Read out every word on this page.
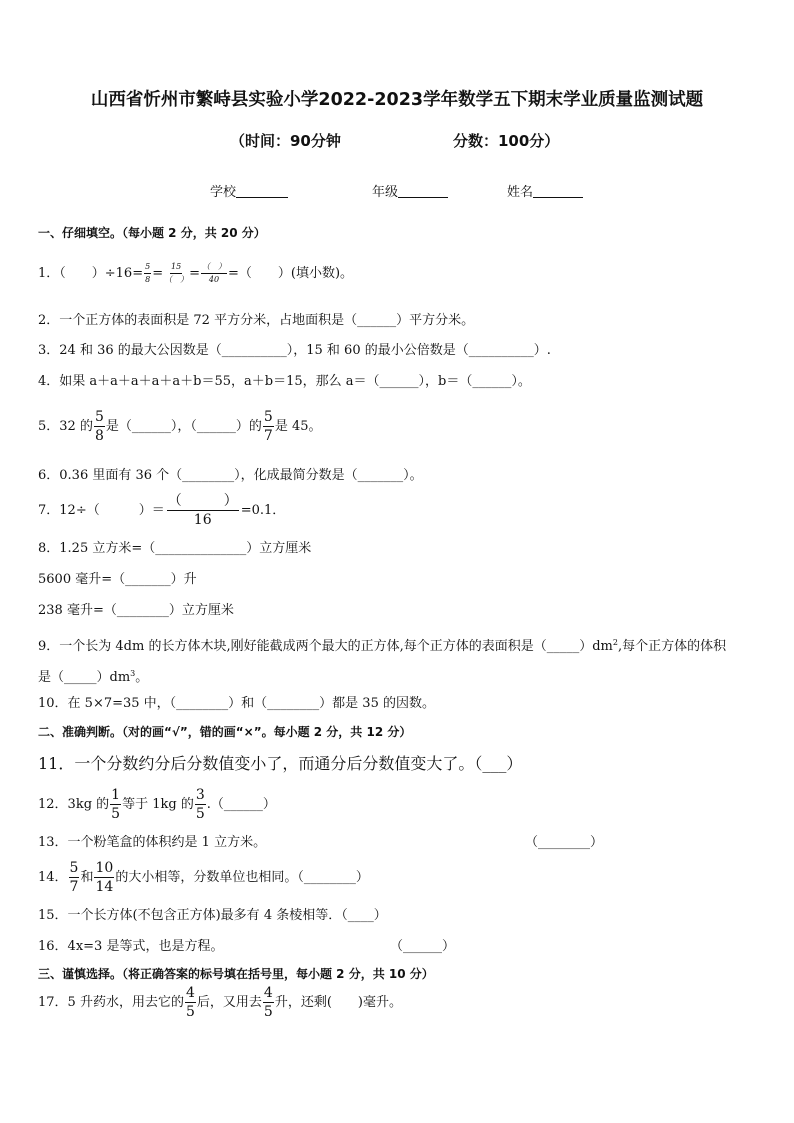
山西省忻州市繁峙县实验小学2022-2023学年数学五下期末学业质量监测试题
（时间：90分钟	分数：100分）
学校	年级	姓名
一、仔细填空。（每小题 2 分，共 20 分）
1．（　　）$\div 16= \frac{5}{8} = \frac{15}{( )} = \frac{( )}{40}$ =（　　）(填小数)。
2．一个正方体的表面积是 72 平方分米，占地面积是（______）平方分米。
3．24 和 36 的最大公因数是（__________），15 和 60 的最小公倍数是（__________）.
4．如果 a＋a＋a＋a＋a＋b＝55，a＋b＝15，那么 a＝（______），b＝（______）。
5．32 的 $\frac{5}{8}$ 是（______），（______）的 $\frac{5}{7}$ 是 45。
6．0.36 里面有 36 个（________），化成最简分数是（_______）。
7．12÷（　　　）＝ $\frac{( )}{16} =0.1$．
8．1.25 立方米=（______________）立方厘米
5600 毫升=（_______）升
238 毫升=（________）立方厘米
9．一个长为 4dm 的长方体木块,刚好能截成两个最大的正方体,每个正方体的表面积是$(\_\_\_\_\_)dm^2$,每个正方体的体积
是$(\_\_\_\_\_)dm^3$。
10．在 5×7=35 中，（________）和（________）都是 35 的因数。
二、准确判断。（对的画“√”，错的画“×”。每小题 2 分，共 12 分）
11．一个分数约分后分数值变小了，而通分后分数值变大了。（___）
12．3kg 的 $\frac{1}{5}$ 等于 1kg 的 $\frac{3}{5}$ .（______）
13．一个粉笔盒的体积约是 1 立方米。	（________）
14． $\frac{5}{7}$ 和 $\frac{10}{14}$ 的大小相等，分数单位也相同。（________）
15．一个长方体(不包含正方体)最多有 4 条棱相等．（____）
16．4x=3 是等式，也是方程。	（______）
三、谨慎选择。（将正确答案的标号填在括号里，每小题 2 分，共 10 分）
17．5 升药水，用去它的 $\frac{4}{5}$ 后，又用去 $\frac{4}{5}$ 升，还剩(　　)毫升。
